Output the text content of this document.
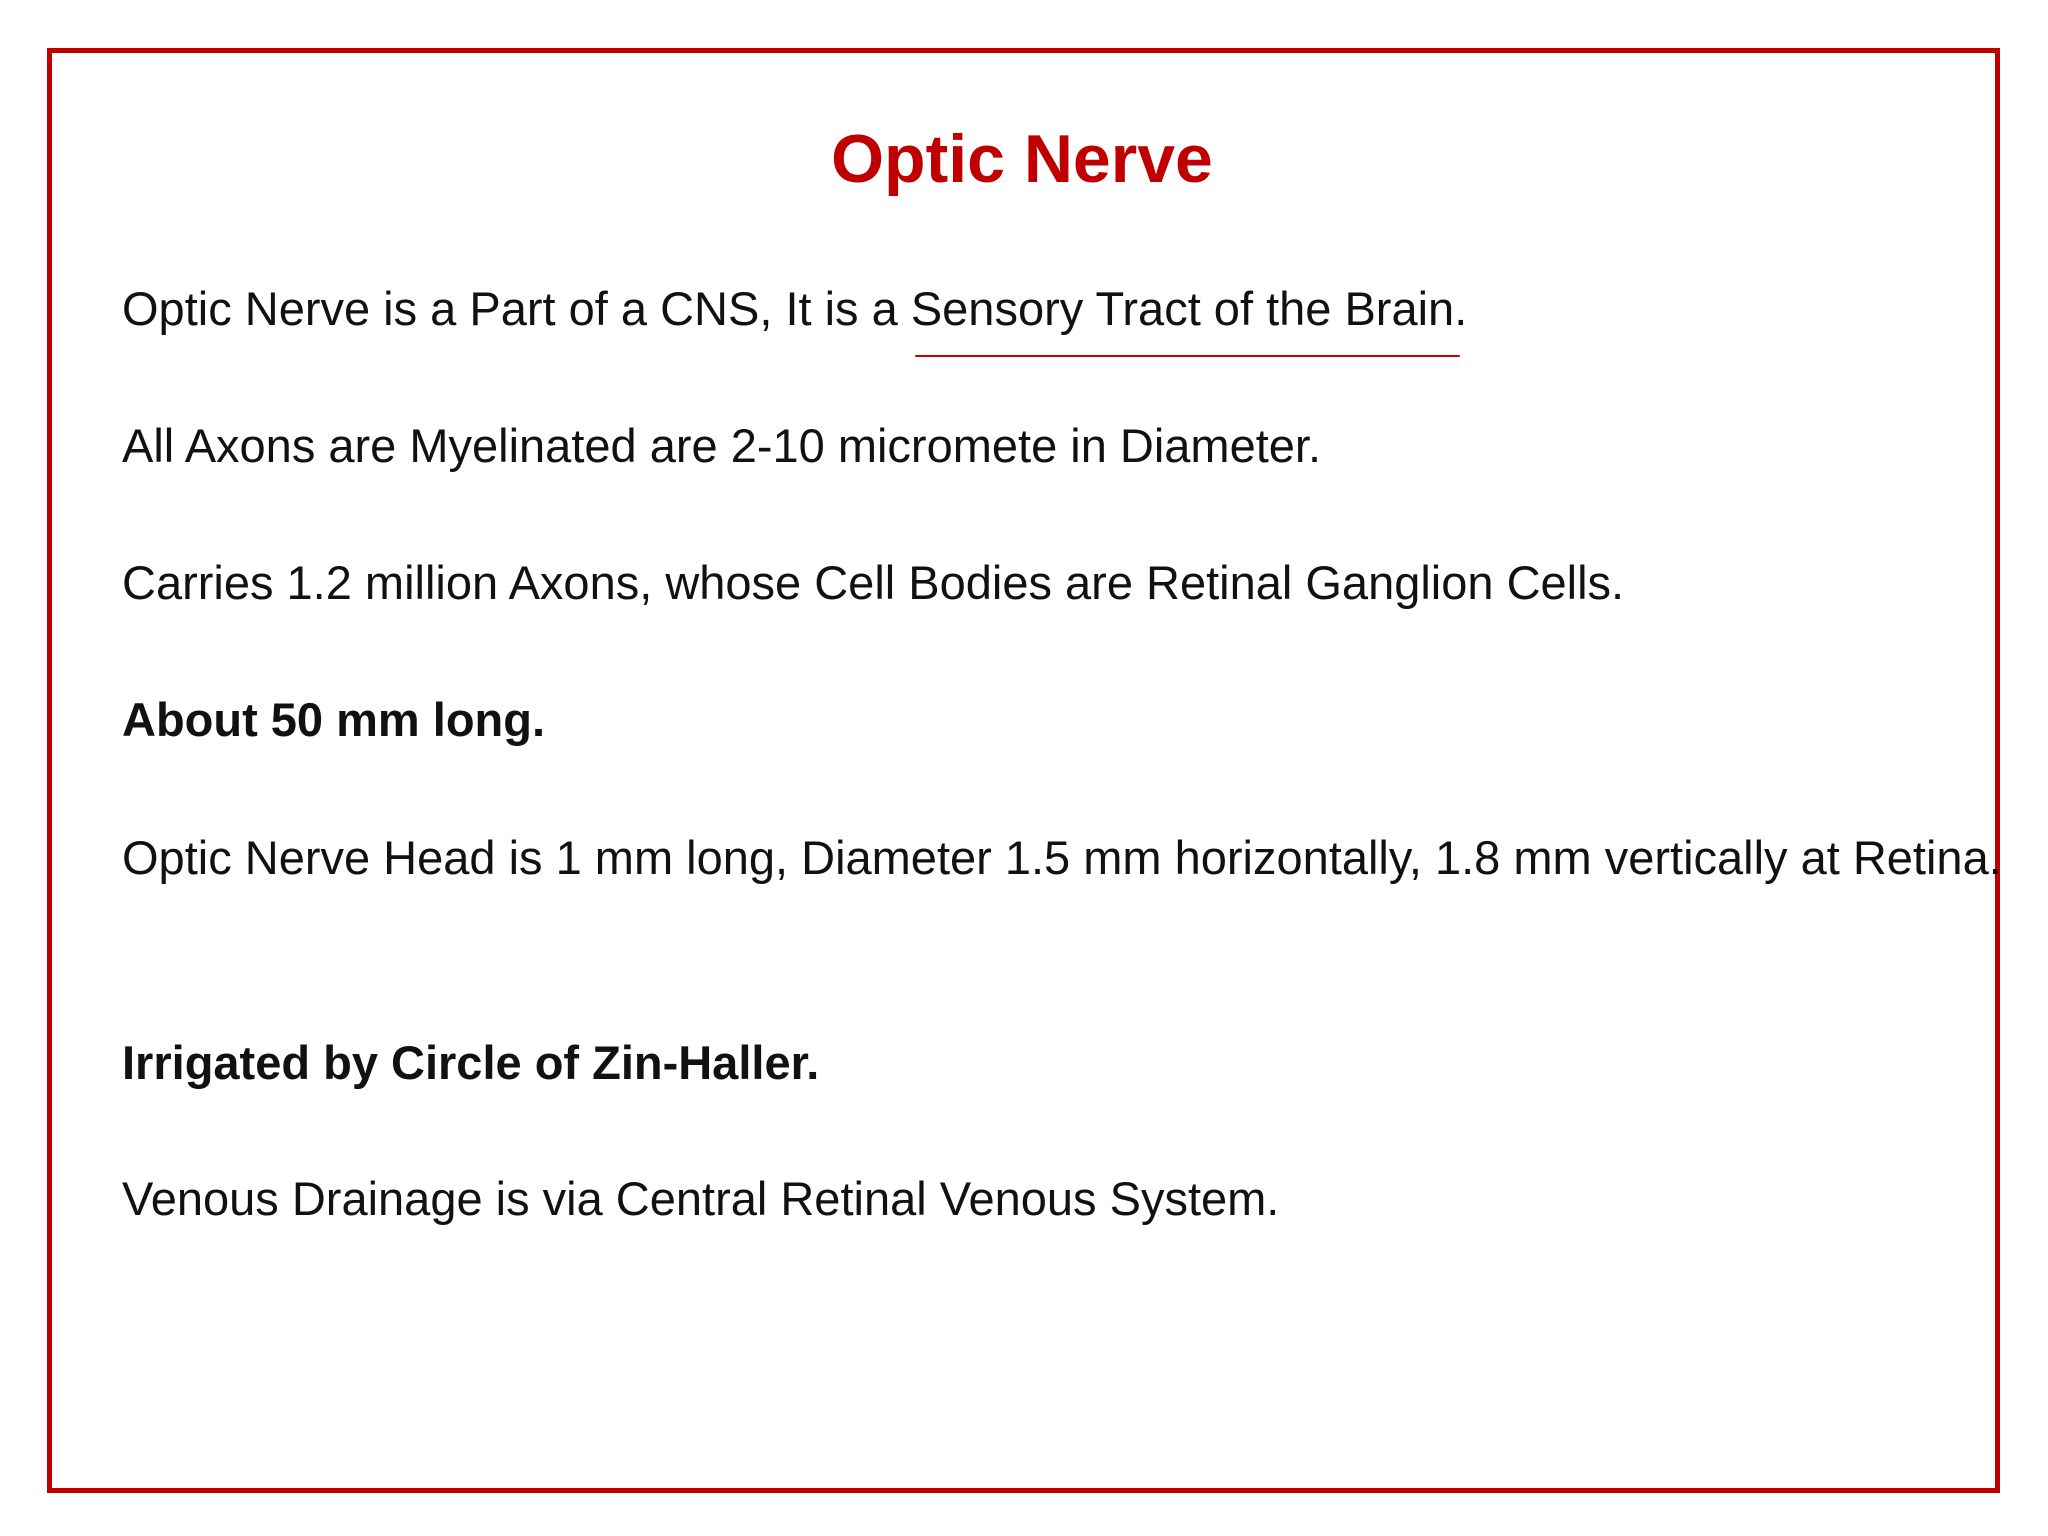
Optic Nerve

Optic Nerve is a Part of a CNS, It is a Sensory Tract of the Brain.

All Axons are Myelinated are 2-10 micromete in Diameter.

Carries 1.2 million Axons, whose Cell Bodies are Retinal Ganglion Cells.

About 50 mm long.

Optic Nerve Head is 1 mm long, Diameter 1.5 mm horizontally, 1.8 mm vertically at Retina.

Irrigated by Circle of Zin-Haller.

Venous Drainage is via Central Retinal Venous System.
